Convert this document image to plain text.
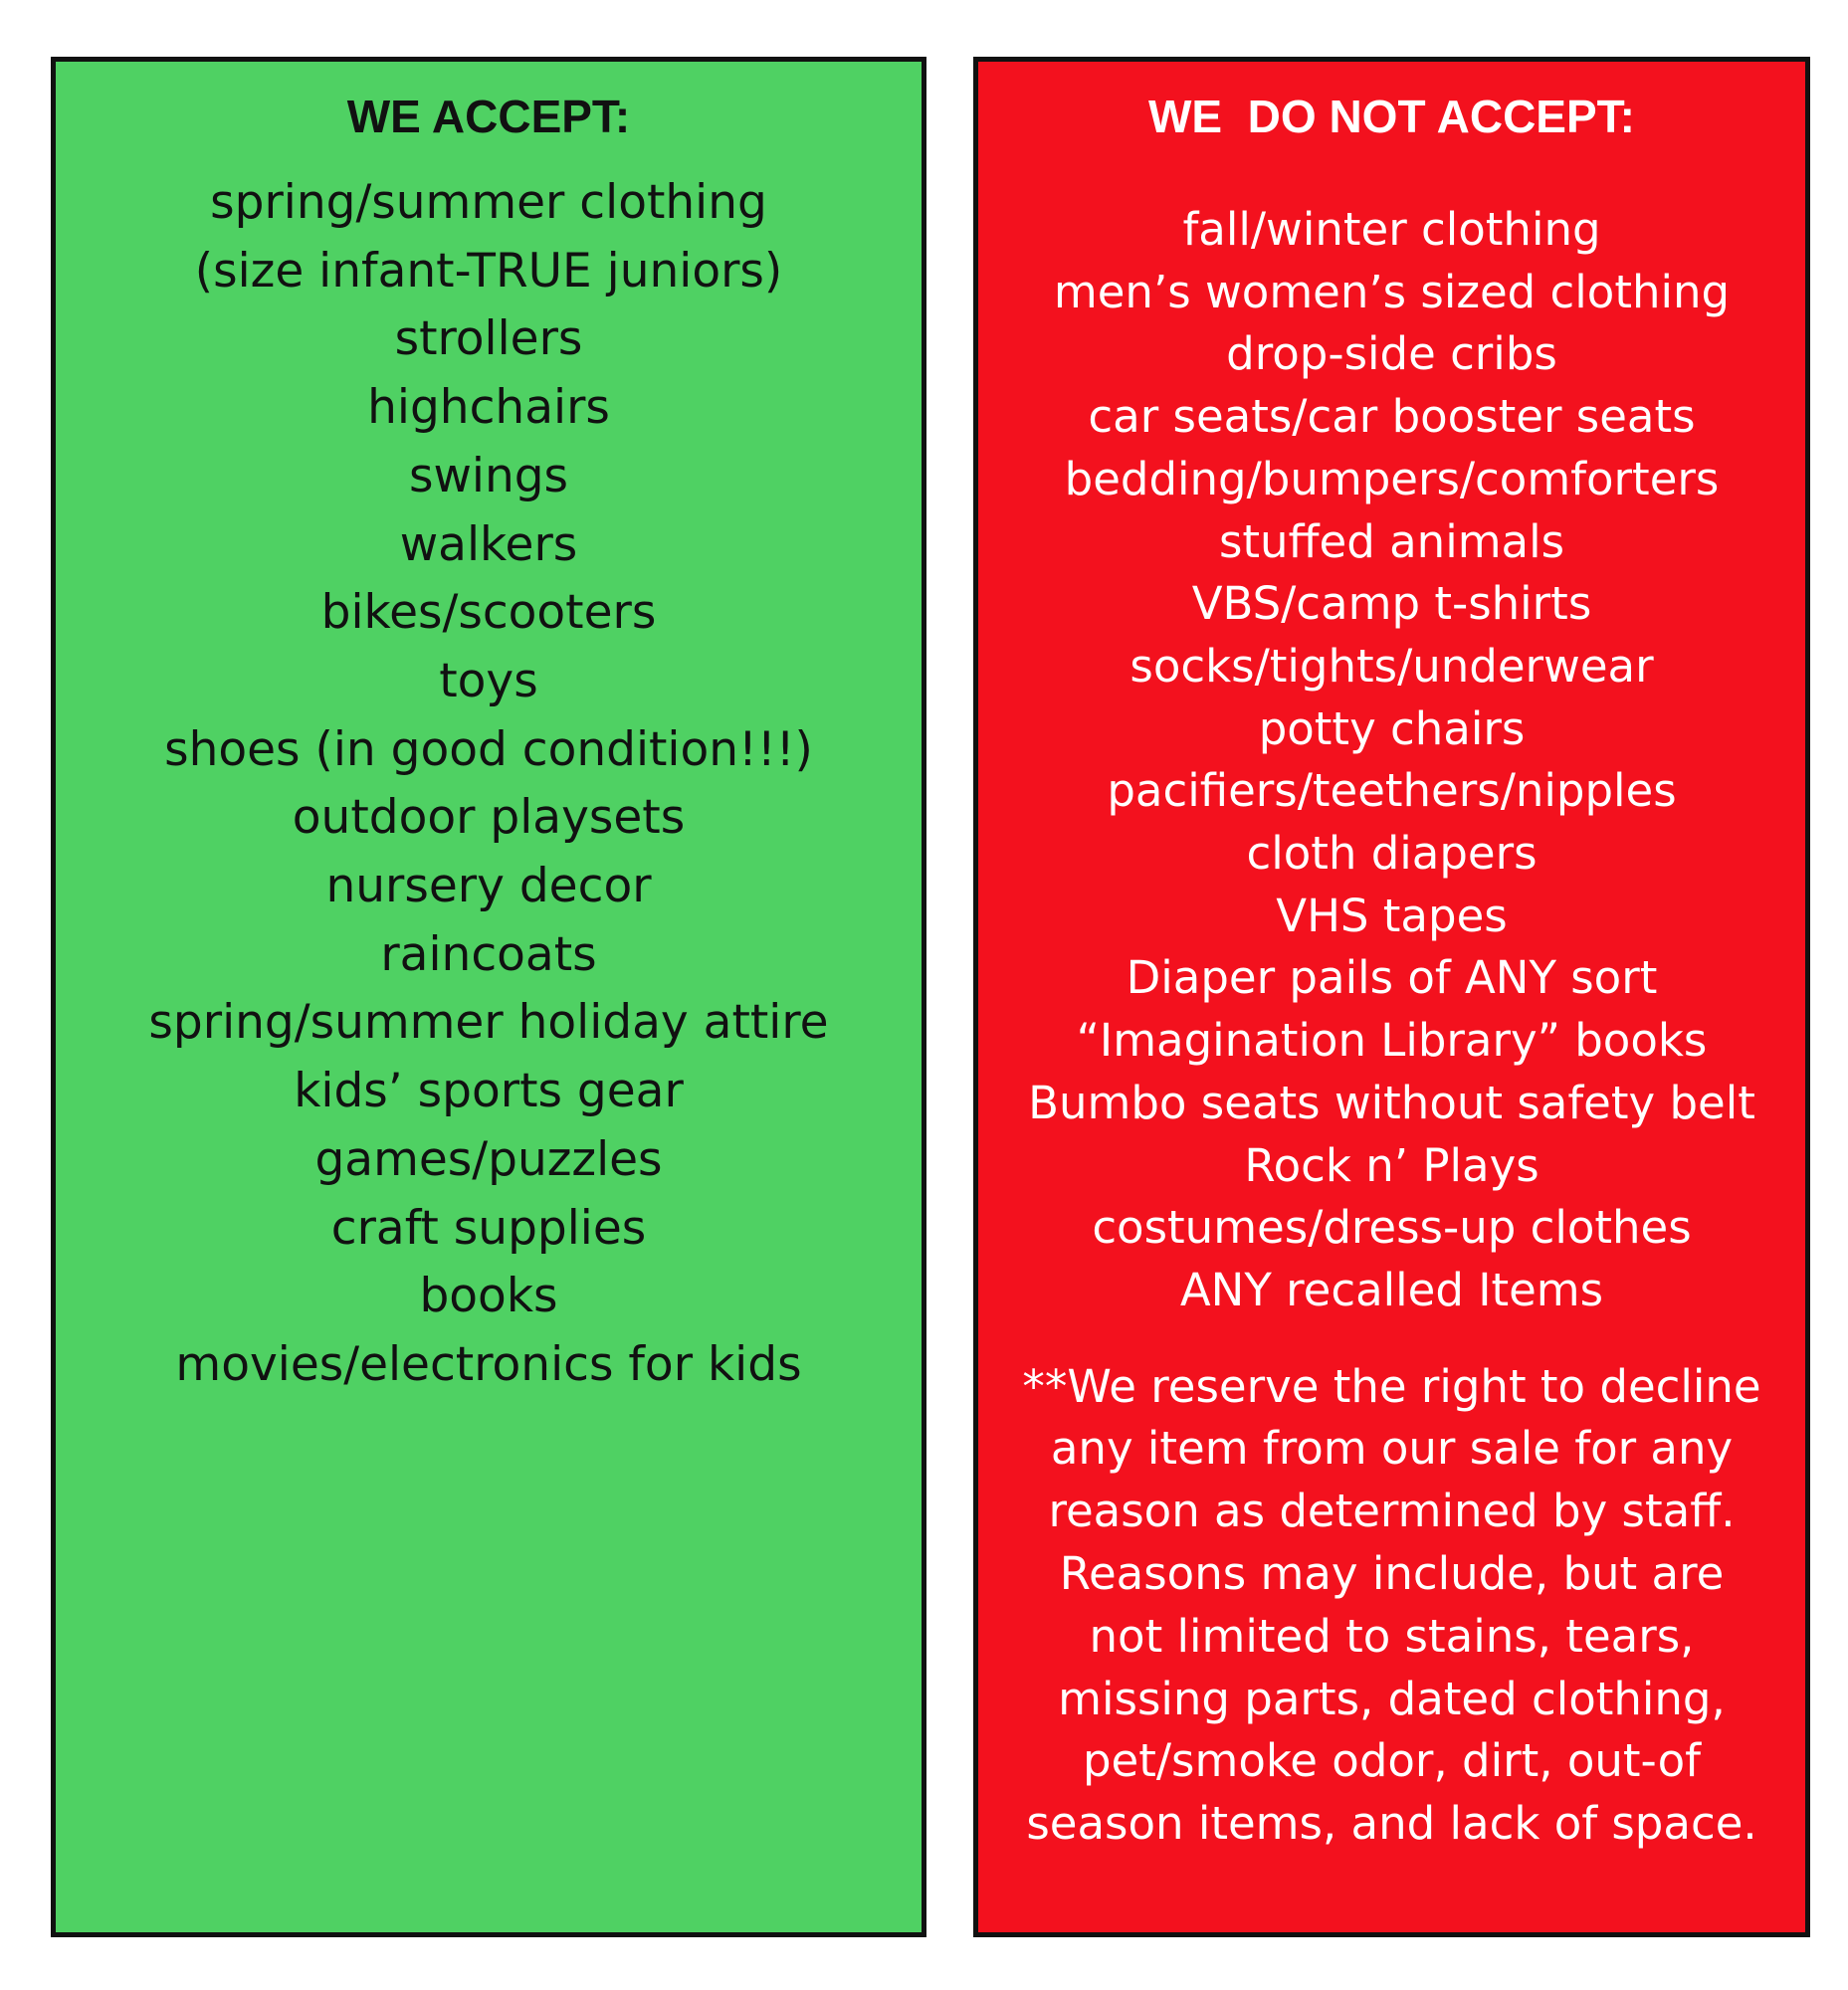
WE ACCEPT:
spring/summer clothing
(size infant-TRUE juniors)
strollers
highchairs
swings
walkers
bikes/scooters
toys
shoes (in good condition!!!)
outdoor playsets
nursery decor
raincoats
spring/summer holiday attire
kids’ sports gear
games/puzzles
craft supplies
books
movies/electronics for kids
WE  DO NOT ACCEPT:
fall/winter clothing
men’s women’s sized clothing
drop-side cribs
car seats/car booster seats
bedding/bumpers/comforters
stuffed animals
VBS/camp t-shirts
socks/tights/underwear
potty chairs
pacifiers/teethers/nipples
cloth diapers
VHS tapes
Diaper pails of ANY sort
“Imagination Library” books
Bumbo seats without safety belt
Rock n’ Plays
costumes/dress-up clothes
ANY recalled Items

**We reserve the right to decline
any item from our sale for any
reason as determined by staff.
Reasons may include, but are
not limited to stains, tears,
missing parts, dated clothing,
pet/smoke odor, dirt, out-of
season items, and lack of space.
